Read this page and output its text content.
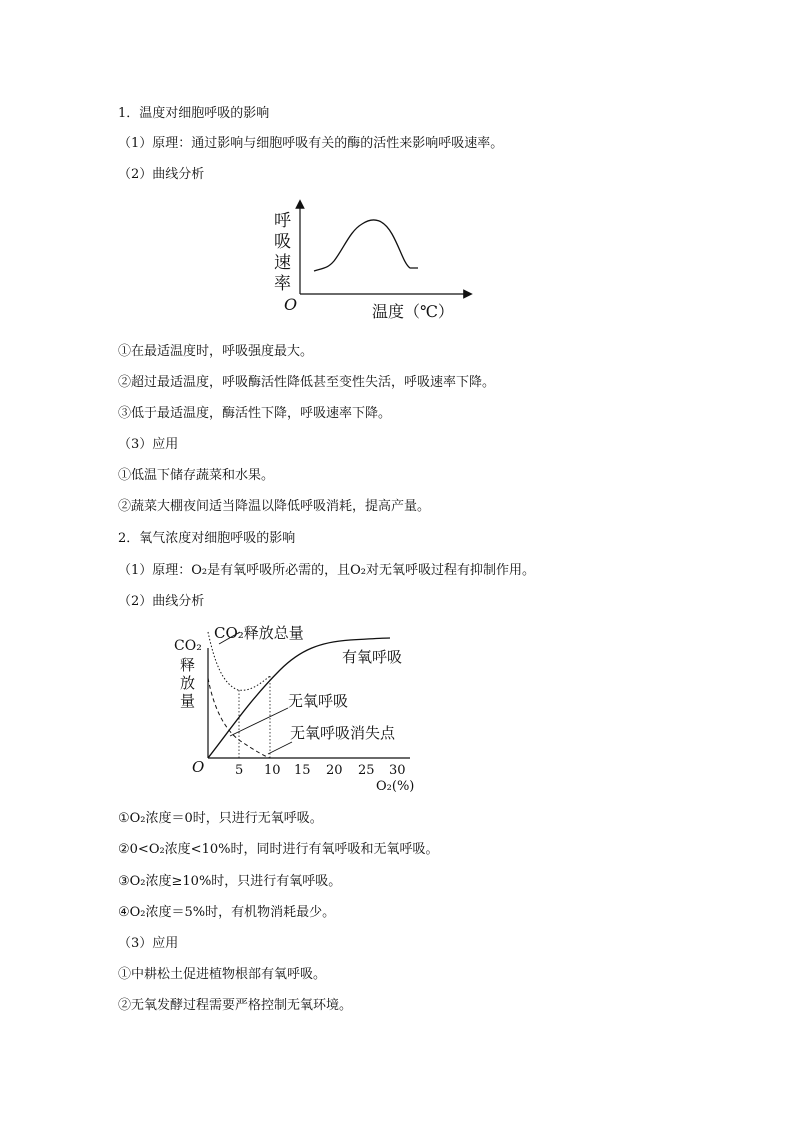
1．温度对细胞呼吸的影响
（1）原理：通过影响与细胞呼吸有关的酶的活性来影响呼吸速率。
（2）曲线分析
呼
吸
速
率
O	温度（℃）
①在最适温度时，呼吸强度最大。
②超过最适温度，呼吸酶活性降低甚至变性失活，呼吸速率下降。
③低于最适温度，酶活性下降，呼吸速率下降。
（3）应用
①低温下储存蔬菜和水果。
②蔬菜大棚夜间适当降温以降低呼吸消耗，提高产量。
2．氧气浓度对细胞呼吸的影响
（1）原理：O₂是有氧呼吸所必需的，且O₂对无氧呼吸过程有抑制作用。
（2）曲线分析
CO₂
释
放
量
O 5 10 15 20 25 30
O₂(%)
CO₂释放总量
有氧呼吸
无氧呼吸
无氧呼吸消失点
①O₂浓度＝0时，只进行无氧呼吸。
②0<O₂浓度<10%时，同时进行有氧呼吸和无氧呼吸。
③O₂浓度≥10%时，只进行有氧呼吸。
④O₂浓度＝5%时，有机物消耗最少。
（3）应用
①中耕松土促进植物根部有氧呼吸。
②无氧发酵过程需要严格控制无氧环境。
